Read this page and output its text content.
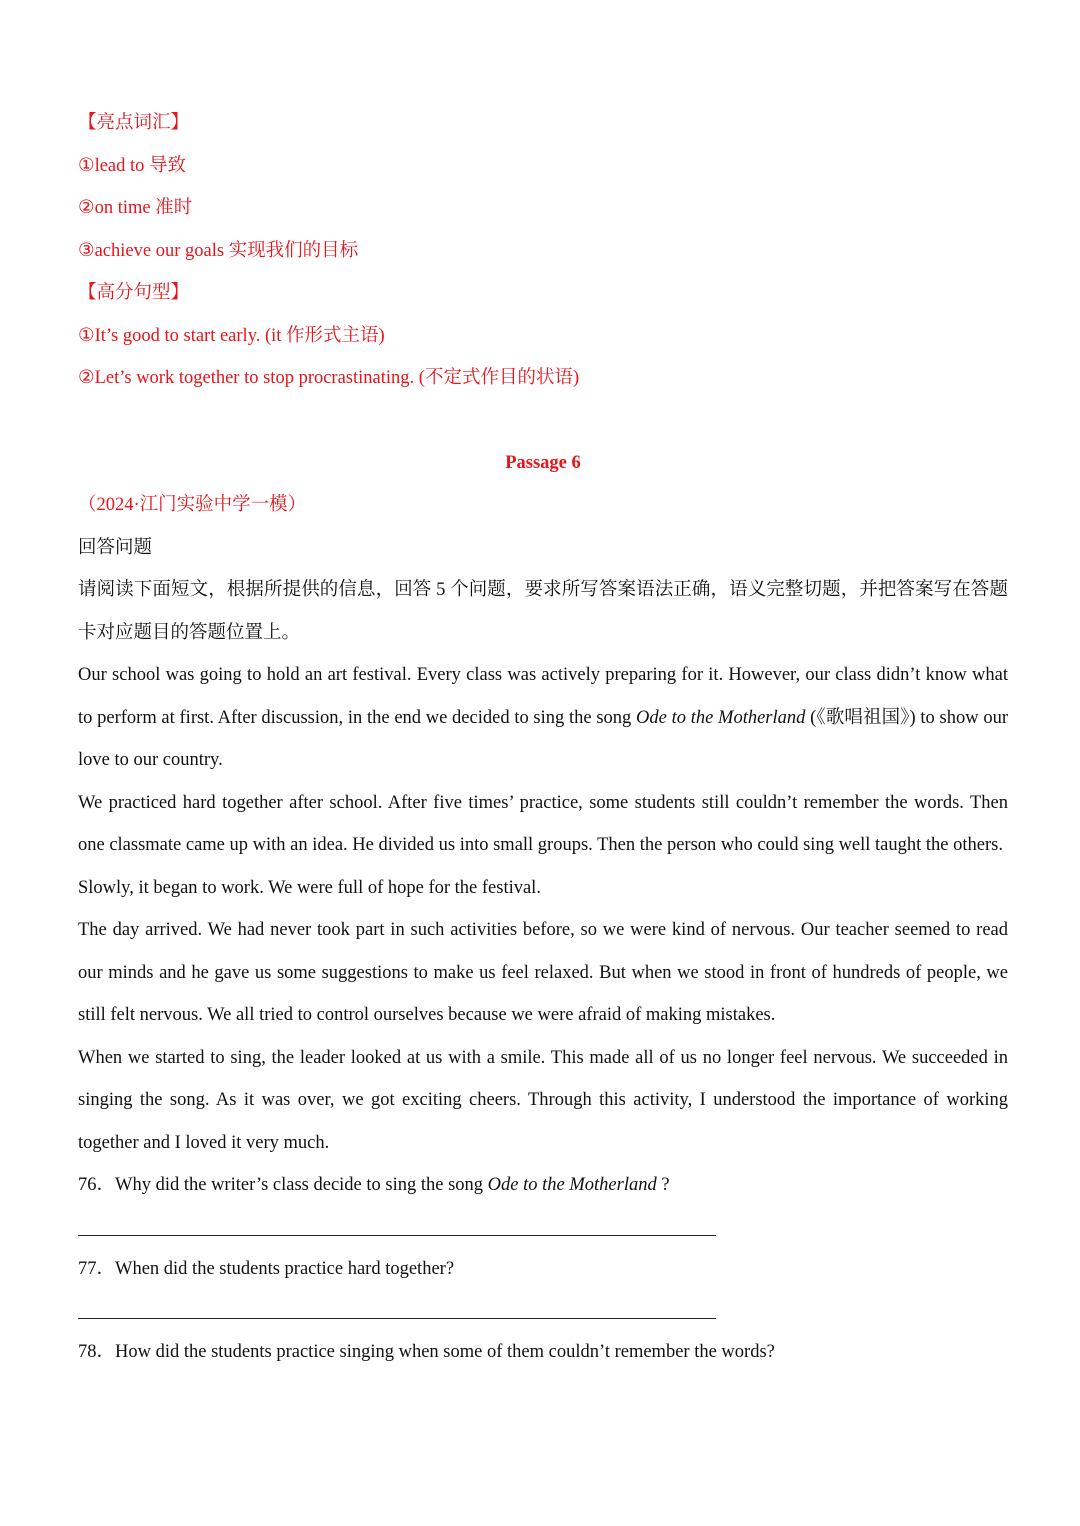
【亮点词汇】
①lead to 导致
②on time 准时
③achieve our goals 实现我们的目标
【高分句型】
①It’s good to start early. (it 作形式主语)
②Let’s work together to stop procrastinating. (不定式作目的状语)
Passage 6
（2024·江门实验中学一模）
回答问题

请阅读下面短文，根据所提供的信息，回答 5 个问题，要求所写答案语法正确，语义完整切题，并把答案写在答题卡对应题目的答题位置上。

Our school was going to hold an art festival. Every class was actively preparing for it. However, our class didn’t know what to perform at first. After discussion, in the end we decided to sing the song Ode to the Motherland (《歌唱祖国》) to show our love to our country.

We practiced hard together after school. After five times’ practice, some students still couldn’t remember the words. Then one classmate came up with an idea. He divided us into small groups. Then the person who could sing well taught the others.

Slowly, it began to work. We were full of hope for the festival.

The day arrived. We had never took part in such activities before, so we were kind of nervous. Our teacher seemed to read our minds and he gave us some suggestions to make us feel relaxed. But when we stood in front of hundreds of people, we still felt nervous. We all tried to control ourselves because we were afraid of making mistakes.

When we started to sing, the leader looked at us with a smile. This made all of us no longer feel nervous. We succeeded in singing the song. As it was over, we got exciting cheers. Through this activity, I understood the importance of working together and I loved it very much.

76．Why did the writer’s class decide to sing the song Ode to the Motherland ?
77．When did the students practice hard together?
78．How did the students practice singing when some of them couldn’t remember the words?
